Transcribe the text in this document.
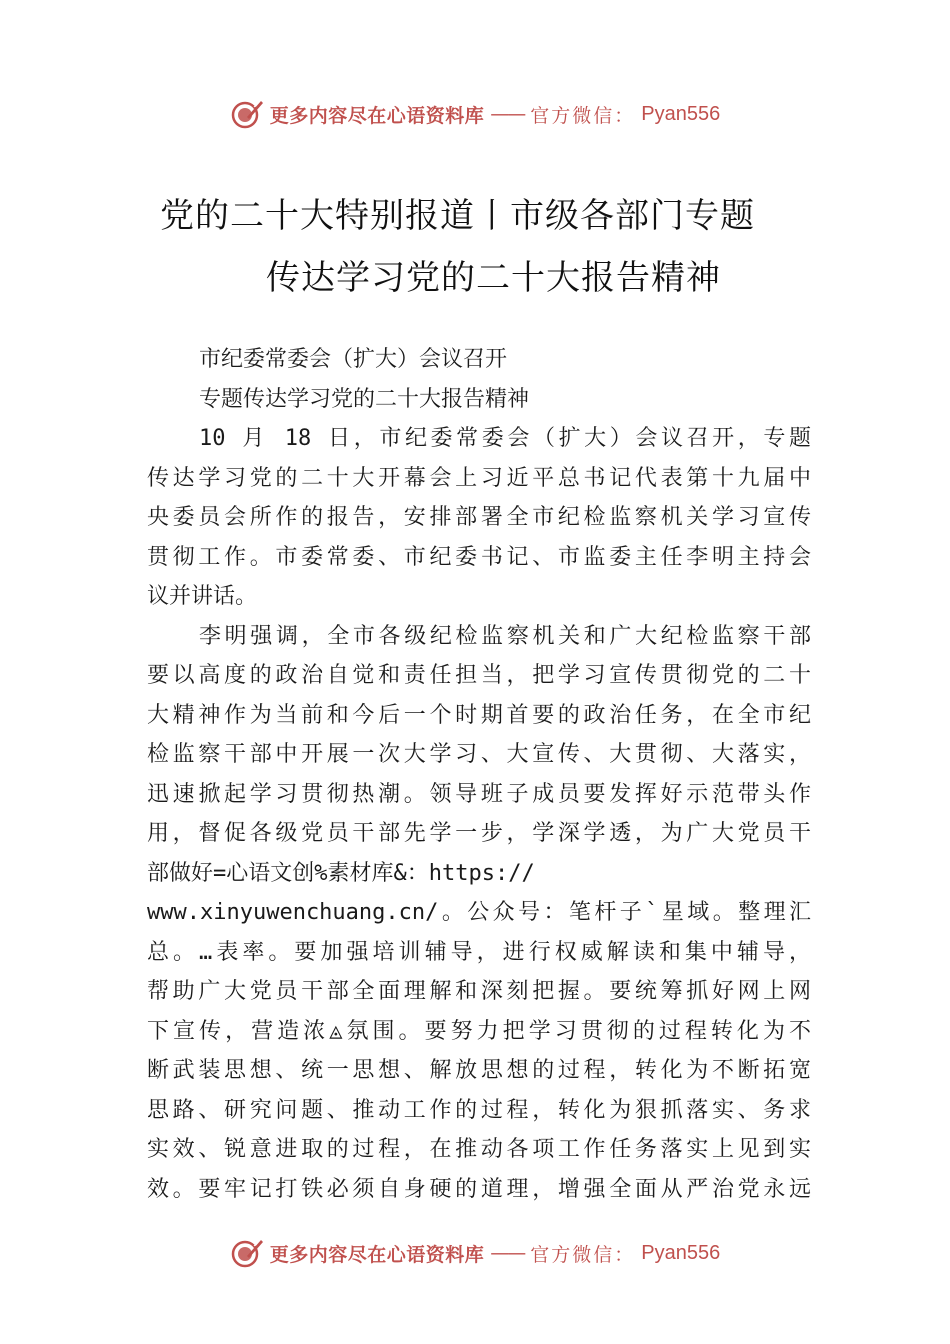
更多内容尽在心语资料库 —— 官方微信： Pyan556
党的二十大特别报道丨市级各部门专题
传达学习党的二十大报告精神
市纪委常委会（扩大）会议召开
专题传达学习党的二十大报告精神
10 月 18 日，市纪委常委会（扩大）会议召开，专题
传达学习党的二十大开幕会上习近平总书记代表第十九届中
央委员会所作的报告，安排部署全市纪检监察机关学习宣传
贯彻工作。市委常委、市纪委书记、市监委主任李明主持会
议并讲话。
李明强调，全市各级纪检监察机关和广大纪检监察干部
要以高度的政治自觉和责任担当，把学习宣传贯彻党的二十
大精神作为当前和今后一个时期首要的政治任务，在全市纪
检监察干部中开展一次大学习、大宣传、大贯彻、大落实，
迅速掀起学习贯彻热潮。领导班子成员要发挥好示范带头作
用，督促各级党员干部先学一步，学深学透，为广大党员干
部做好=心语文创%素材库&：https://
www.xinyuwenchuang.cn/。公众号：笔杆子`星域。整理汇
总。…表率。要加强培训辅导，进行权威解读和集中辅导，
帮助广大党员干部全面理解和深刻把握。要统筹抓好网上网
下宣传，营造浓◬氛围。要努力把学习贯彻的过程转化为不
断武装思想、统一思想、解放思想的过程，转化为不断拓宽
思路、研究问题、推动工作的过程，转化为狠抓落实、务求
实效、锐意进取的过程，在推动各项工作任务落实上见到实
效。要牢记打铁必须自身硬的道理，增强全面从严治党永远
更多内容尽在心语资料库 —— 官方微信： Pyan556
